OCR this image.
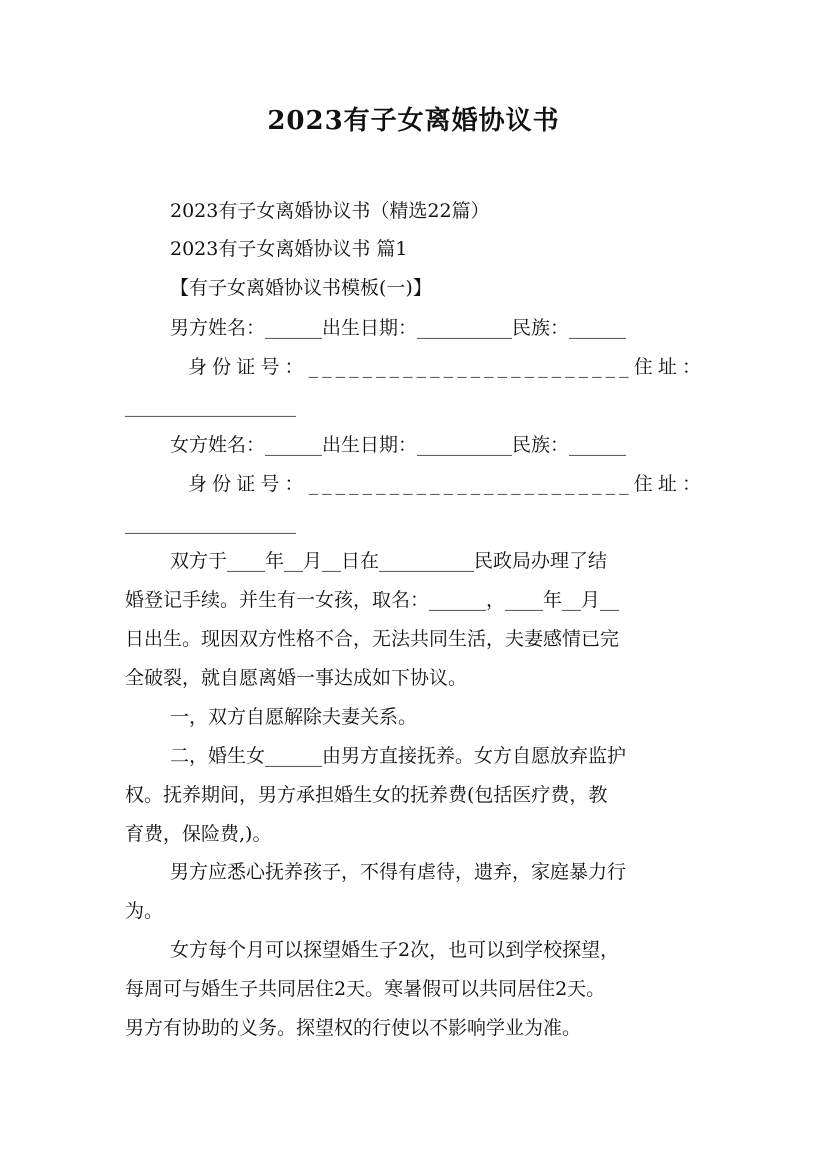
2023有子女离婚协议书
2023有子女离婚协议书（精选22篇）
2023有子女离婚协议书 篇1
【有子女离婚协议书模板(一)】
男方姓名：______出生日期：__________民族：______
身份证号：________________________住址：
__________________
女方姓名：______出生日期：__________民族：______
身份证号：________________________住址：
__________________
双方于____年__月__日在__________民政局办理了结
婚登记手续。并生有一女孩，取名：______，____年__月__
日出生。现因双方性格不合，无法共同生活，夫妻感情已完
全破裂，就自愿离婚一事达成如下协议。
一，双方自愿解除夫妻关系。
二，婚生女______由男方直接抚养。女方自愿放弃监护
权。抚养期间，男方承担婚生女的抚养费(包括医疗费，教
育费，保险费,)。
男方应悉心抚养孩子，不得有虐待，遗弃，家庭暴力行
为。
女方每个月可以探望婚生子2次，也可以到学校探望，
每周可与婚生子共同居住2天。寒暑假可以共同居住2天。
男方有协助的义务。探望权的行使以不影响学业为准。
